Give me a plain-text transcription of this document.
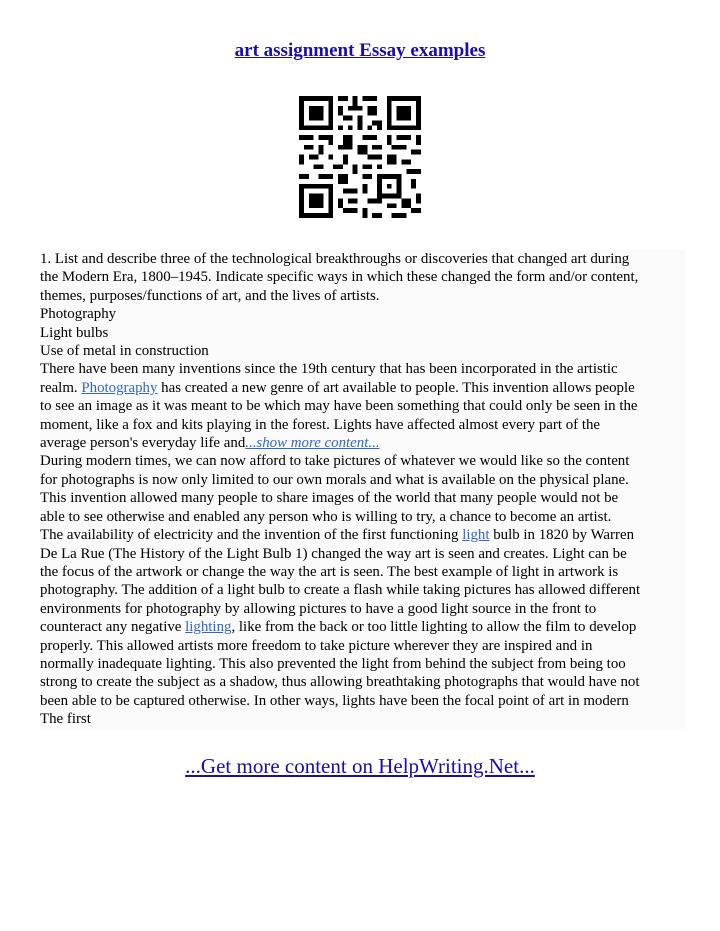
art assignment Essay examples

1. List and describe three of the technological breakthroughs or discoveries that changed art during

the Modern Era, 1800–1945. Indicate specific ways in which these changed the form and/or content,

themes, purposes/functions of art, and the lives of artists.

Photography

Light bulbs

Use of metal in construction

There have been many inventions since the 19th century that has been incorporated in the artistic

realm. Photography has created a new genre of art available to people. This invention allows people

to see an image as it was meant to be which may have been something that could only be seen in the

moment, like a fox and kits playing in the forest. Lights have affected almost every part of the

average person's everyday life and...show more content...

During modern times, we can now afford to take pictures of whatever we would like so the content

for photographs is now only limited to our own morals and what is available on the physical plane.

This invention allowed many people to share images of the world that many people would not be

able to see otherwise and enabled any person who is willing to try, a chance to become an artist.

The availability of electricity and the invention of the first functioning light bulb in 1820 by Warren

De La Rue (The History of the Light Bulb 1) changed the way art is seen and creates. Light can be

the focus of the artwork or change the way the art is seen. The best example of light in artwork is

photography. The addition of a light bulb to create a flash while taking pictures has allowed different

environments for photography by allowing pictures to have a good light source in the front to

counteract any negative lighting, like from the back or too little lighting to allow the film to develop

properly. This allowed artists more freedom to take picture wherever they are inspired and in

normally inadequate lighting. This also prevented the light from behind the subject from being too

strong to create the subject as a shadow, thus allowing breathtaking photographs that would have not

been able to be captured otherwise. In other ways, lights have been the focal point of art in modern

The first

...Get more content on HelpWriting.Net...
